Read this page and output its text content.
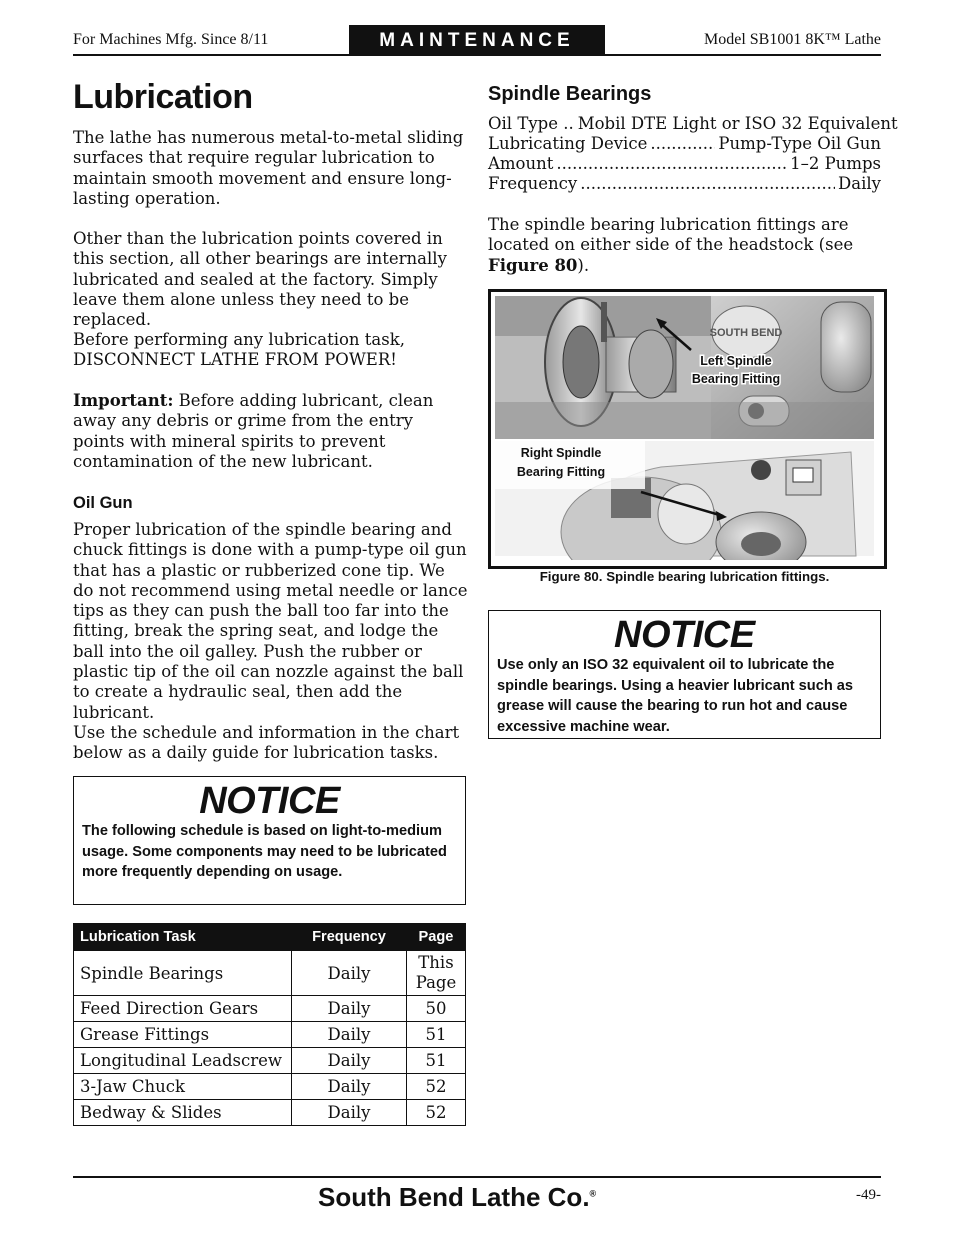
For Machines Mfg. Since 8/11	MAINTENANCE	Model SB1001 8K™ Lathe
Lubrication

The lathe has numerous metal-to-metal sliding surfaces that require regular lubrication to maintain smooth movement and ensure long-lasting operation.

Other than the lubrication points covered in this section, all other bearings are internally lubricated and sealed at the factory. Simply leave them alone unless they need to be replaced.

Before performing any lubrication task, DISCONNECT LATHE FROM POWER!

Important: Before adding lubricant, clean away any debris or grime from the entry points with mineral spirits to prevent contamination of the new lubricant.

Oil Gun

Proper lubrication of the spindle bearing and chuck fittings is done with a pump-type oil gun that has a plastic or rubberized cone tip. We do not recommend using metal needle or lance tips as they can push the ball too far into the fitting, break the spring seat, and lodge the ball into the oil galley. Push the rubber or plastic tip of the oil can nozzle against the ball to create a hydraulic seal, then add the lubricant.

Use the schedule and information in the chart below as a daily guide for lubrication tasks.

NOTICE
The following schedule is based on light-to-medium usage. Some components may need to be lubricated more frequently depending on usage.
Lubrication Task	Frequency	Page
Spindle Bearings	Daily	This Page
Feed Direction Gears	Daily	50
Grease Fittings	Daily	51
Longitudinal Leadscrew	Daily	51
3-Jaw Chuck	Daily	52
Bedway & Slides	Daily	52
Spindle Bearings
Oil Type .. Mobil DTE Light or ISO 32 Equivalent
Lubricating Device .....	Pump-Type Oil Gun
Amount .....	1–2 Pumps
Frequency .....	Daily

The spindle bearing lubrication fittings are located on either side of the headstock (see Figure 80).

SOUTH BEND
Left Spindle Bearing Fitting
Right Spindle Bearing Fitting
Figure 80. Spindle bearing lubrication fittings.
NOTICE
Use only an ISO 32 equivalent oil to lubricate the spindle bearings. Using a heavier lubricant such as grease will cause the bearing to run hot and cause excessive machine wear.
South Bend Lathe Co.®	-49-
